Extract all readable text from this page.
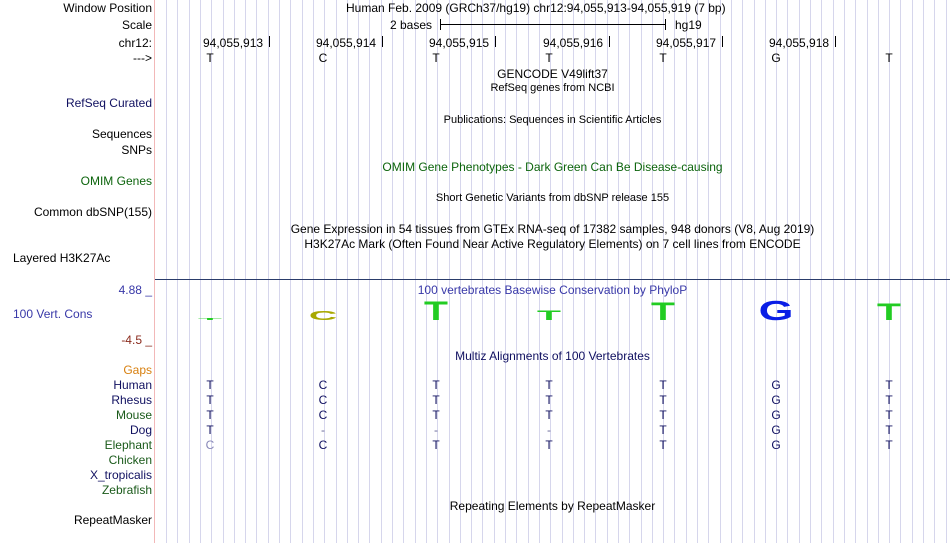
Window Position	Human Feb. 2009 (GRCh37/hg19) chr12:94,055,913-94,055,919 (7 bp)
Scale	2 bases	hg19
chr12:	94,055,913	94,055,914	94,055,915	94,055,916	94,055,917	94,055,918
--->	T	C	T	T	T	G	T
GENCODE V49lift37
RefSeq genes from NCBI
RefSeq Curated
Publications: Sequences in Scientific Articles
Sequences
SNPs
OMIM Gene Phenotypes - Dark Green Can Be Disease-causing
OMIM Genes
Short Genetic Variants from dbSNP release 155
Common dbSNP(155)
Gene Expression in 54 tissues from GTEx RNA-seq of 17382 samples, 948 donors (V8, Aug 2019)
H3K27Ac Mark (Often Found Near Active Regulatory Elements) on 7 cell lines from ENCODE
Layered H3K27Ac
100 vertebrates Basewise Conservation by PhyloP
4.88 _
100 Vert. Cons
-4.5 _
T	C	T	T	T	G	T
Multiz Alignments of 100 Vertebrates
Gaps
Human	T	C	T	T	T	G	T
Rhesus	T	C	T	T	T	G	T
Mouse	T	C	T	T	T	G	T
Dog	T	-	-	-	T	G	T
Elephant	C	C	T	T	T	G	T
Chicken
X_tropicalis
Zebrafish
Repeating Elements by RepeatMasker
RepeatMasker
